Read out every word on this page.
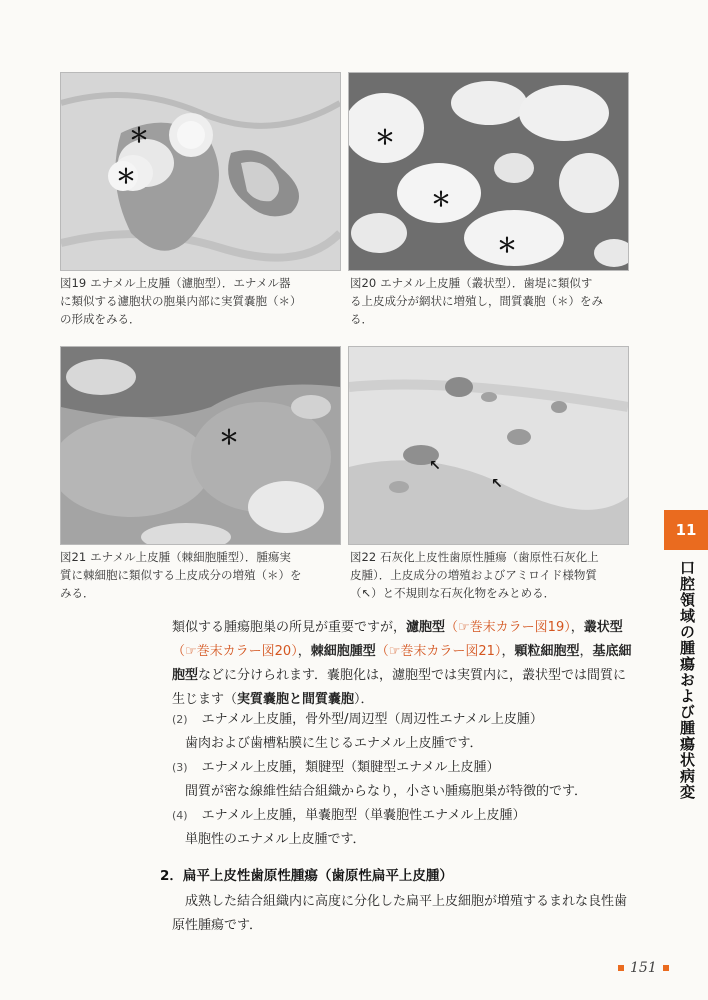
＊
＊
図19 エナメル上皮腫（濾胞型）．エナメル器
に類似する濾胞状の胞巣内部に実質嚢胞（＊）
の形成をみる．
＊
＊
＊
図20 エナメル上皮腫（叢状型）．歯堤に類似す
る上皮成分が網状に増殖し，間質嚢胞（＊）をみ
る．
＊
図21 エナメル上皮腫（棘細胞腫型）．腫瘍実
質に棘細胞に類似する上皮成分の増殖（＊）を
みる．
↖
↖
図22 石灰化上皮性歯原性腫瘍（歯原性石灰化上
皮腫）．上皮成分の増殖およびアミロイド様物質
（↖）と不規則な石灰化物をみとめる．
11
口腔領域の腫瘍および腫瘍状病変
類似する腫瘍胞巣の所見が重要ですが，濾胞型（☞巻末カラー図19），叢状型（☞巻末カラー図20），棘細胞腫型（☞巻末カラー図21），顆粒細胞型，基底細胞型などに分けられます．嚢胞化は，濾胞型では実質内に，叢状型では間質に生じます（実質嚢胞と間質嚢胞）．
(2) エナメル上皮腫，骨外型/周辺型（周辺性エナメル上皮腫）
歯肉および歯槽粘膜に生じるエナメル上皮腫です．
(3) エナメル上皮腫，類腱型（類腱型エナメル上皮腫）
間質が密な線維性結合組織からなり，小さい腫瘍胞巣が特徴的です．
(4) エナメル上皮腫，単嚢胞型（単嚢胞性エナメル上皮腫）
単胞性のエナメル上皮腫です．
2．扁平上皮性歯原性腫瘍（歯原性扁平上皮腫）
成熟した結合組織内に高度に分化した扁平上皮細胞が増殖するまれな良性歯原性腫瘍です．
151
